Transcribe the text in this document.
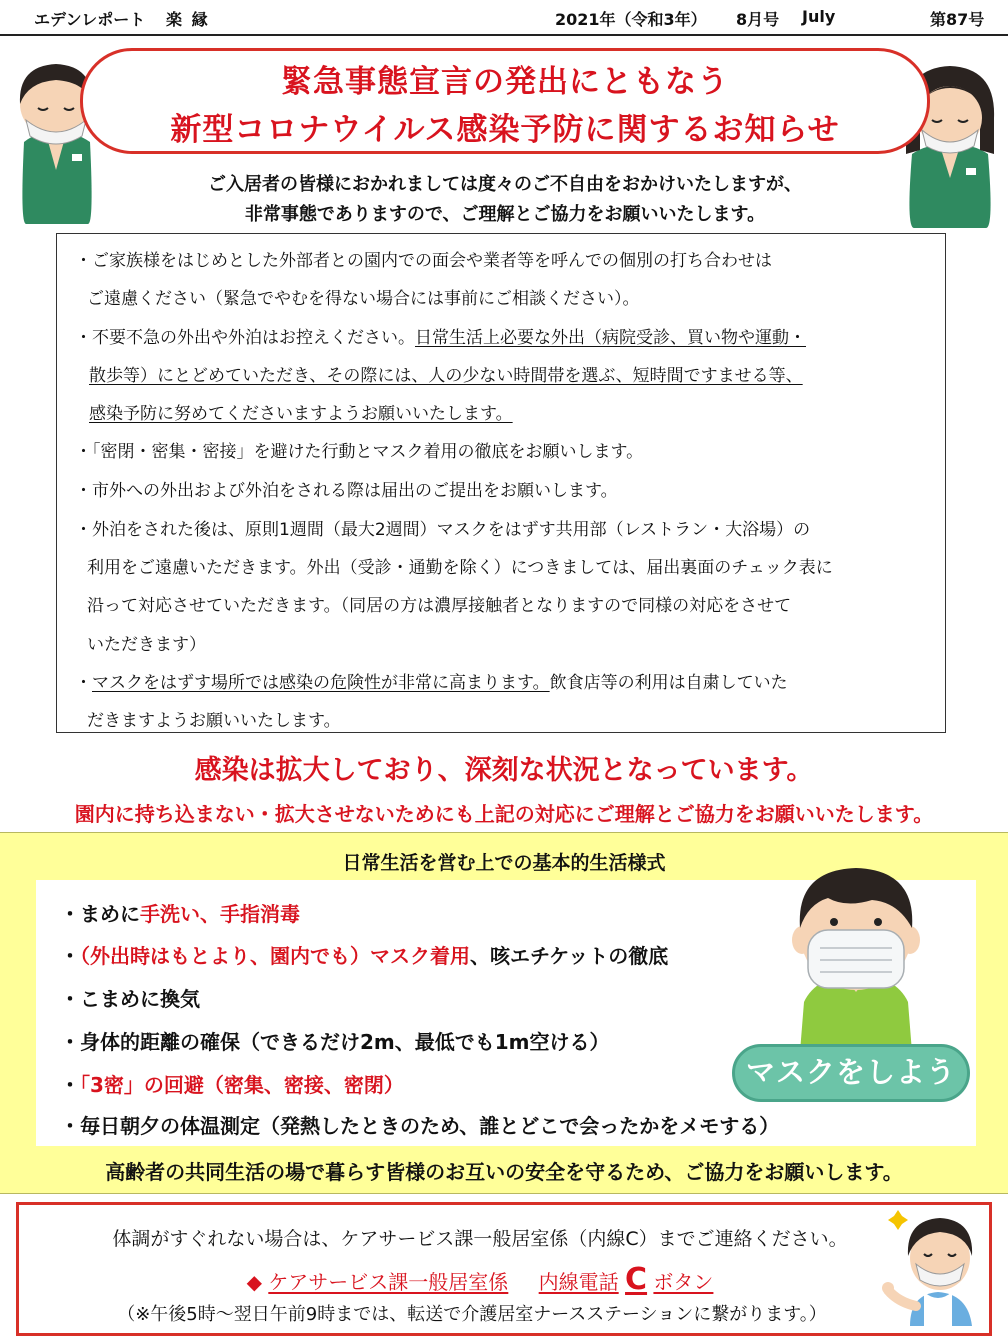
エデンレポート 楽 縁	2021年（令和3年） 8月号 July	第87号
緊急事態宣言の発出にともなう
新型コロナウイルス感染予防に関するお知らせ
ご入居者の皆様におかれましては度々のご不自由をおかけいたしますが、
非常事態でありますので、ご理解とご協力をお願いいたします。
・ご家族様をはじめとした外部者との園内での面会や業者等を呼んでの個別の打ち合わせは
ご遠慮ください（緊急でやむを得ない場合には事前にご相談ください）。
・不要不急の外出や外泊はお控えください。日常生活上必要な外出（病院受診、買い物や運動・
散歩等）にとどめていただき、その際には、人の少ない時間帯を選ぶ、短時間ですませる等、
感染予防に努めてくださいますようお願いいたします。
・「密閉・密集・密接」を避けた行動とマスク着用の徹底をお願いします。
・市外への外出および外泊をされる際は届出のご提出をお願いします。
・外泊をされた後は、原則1週間（最大2週間）マスクをはずす共用部（レストラン・大浴場）の
利用をご遠慮いただきます。外出（受診・通勤を除く）につきましては、届出裏面のチェック表に
沿って対応させていただきます。（同居の方は濃厚接触者となりますので同様の対応をさせて
いただきます）
・マスクをはずす場所では感染の危険性が非常に高まります。飲食店等の利用は自粛していた
だきますようお願いいたします。
感染は拡大しており、深刻な状況となっています。
園内に持ち込まない・拡大させないためにも上記の対応にご理解とご協力をお願いいたします。
日常生活を営む上での基本的生活様式
・まめに手洗い、手指消毒
・（外出時はもとより、園内でも）マスク着用、咳エチケットの徹底
・こまめに換気
・身体的距離の確保（できるだけ2m、最低でも1m空ける）
・「3密」の回避（密集、密接、密閉）
・毎日朝夕の体温測定（発熱したときのため、誰とどこで会ったかをメモする）
マスクをしよう
高齢者の共同生活の場で暮らす皆様のお互いの安全を守るため、ご協力をお願いします。
体調がすぐれない場合は、ケアサービス課一般居室係（内線C）までご連絡ください。
◆ ケアサービス課一般居室係 内線電話 C ボタン
（※午後5時～翌日午前9時までは、転送で介護居室ナースステーションに繋がります。）
